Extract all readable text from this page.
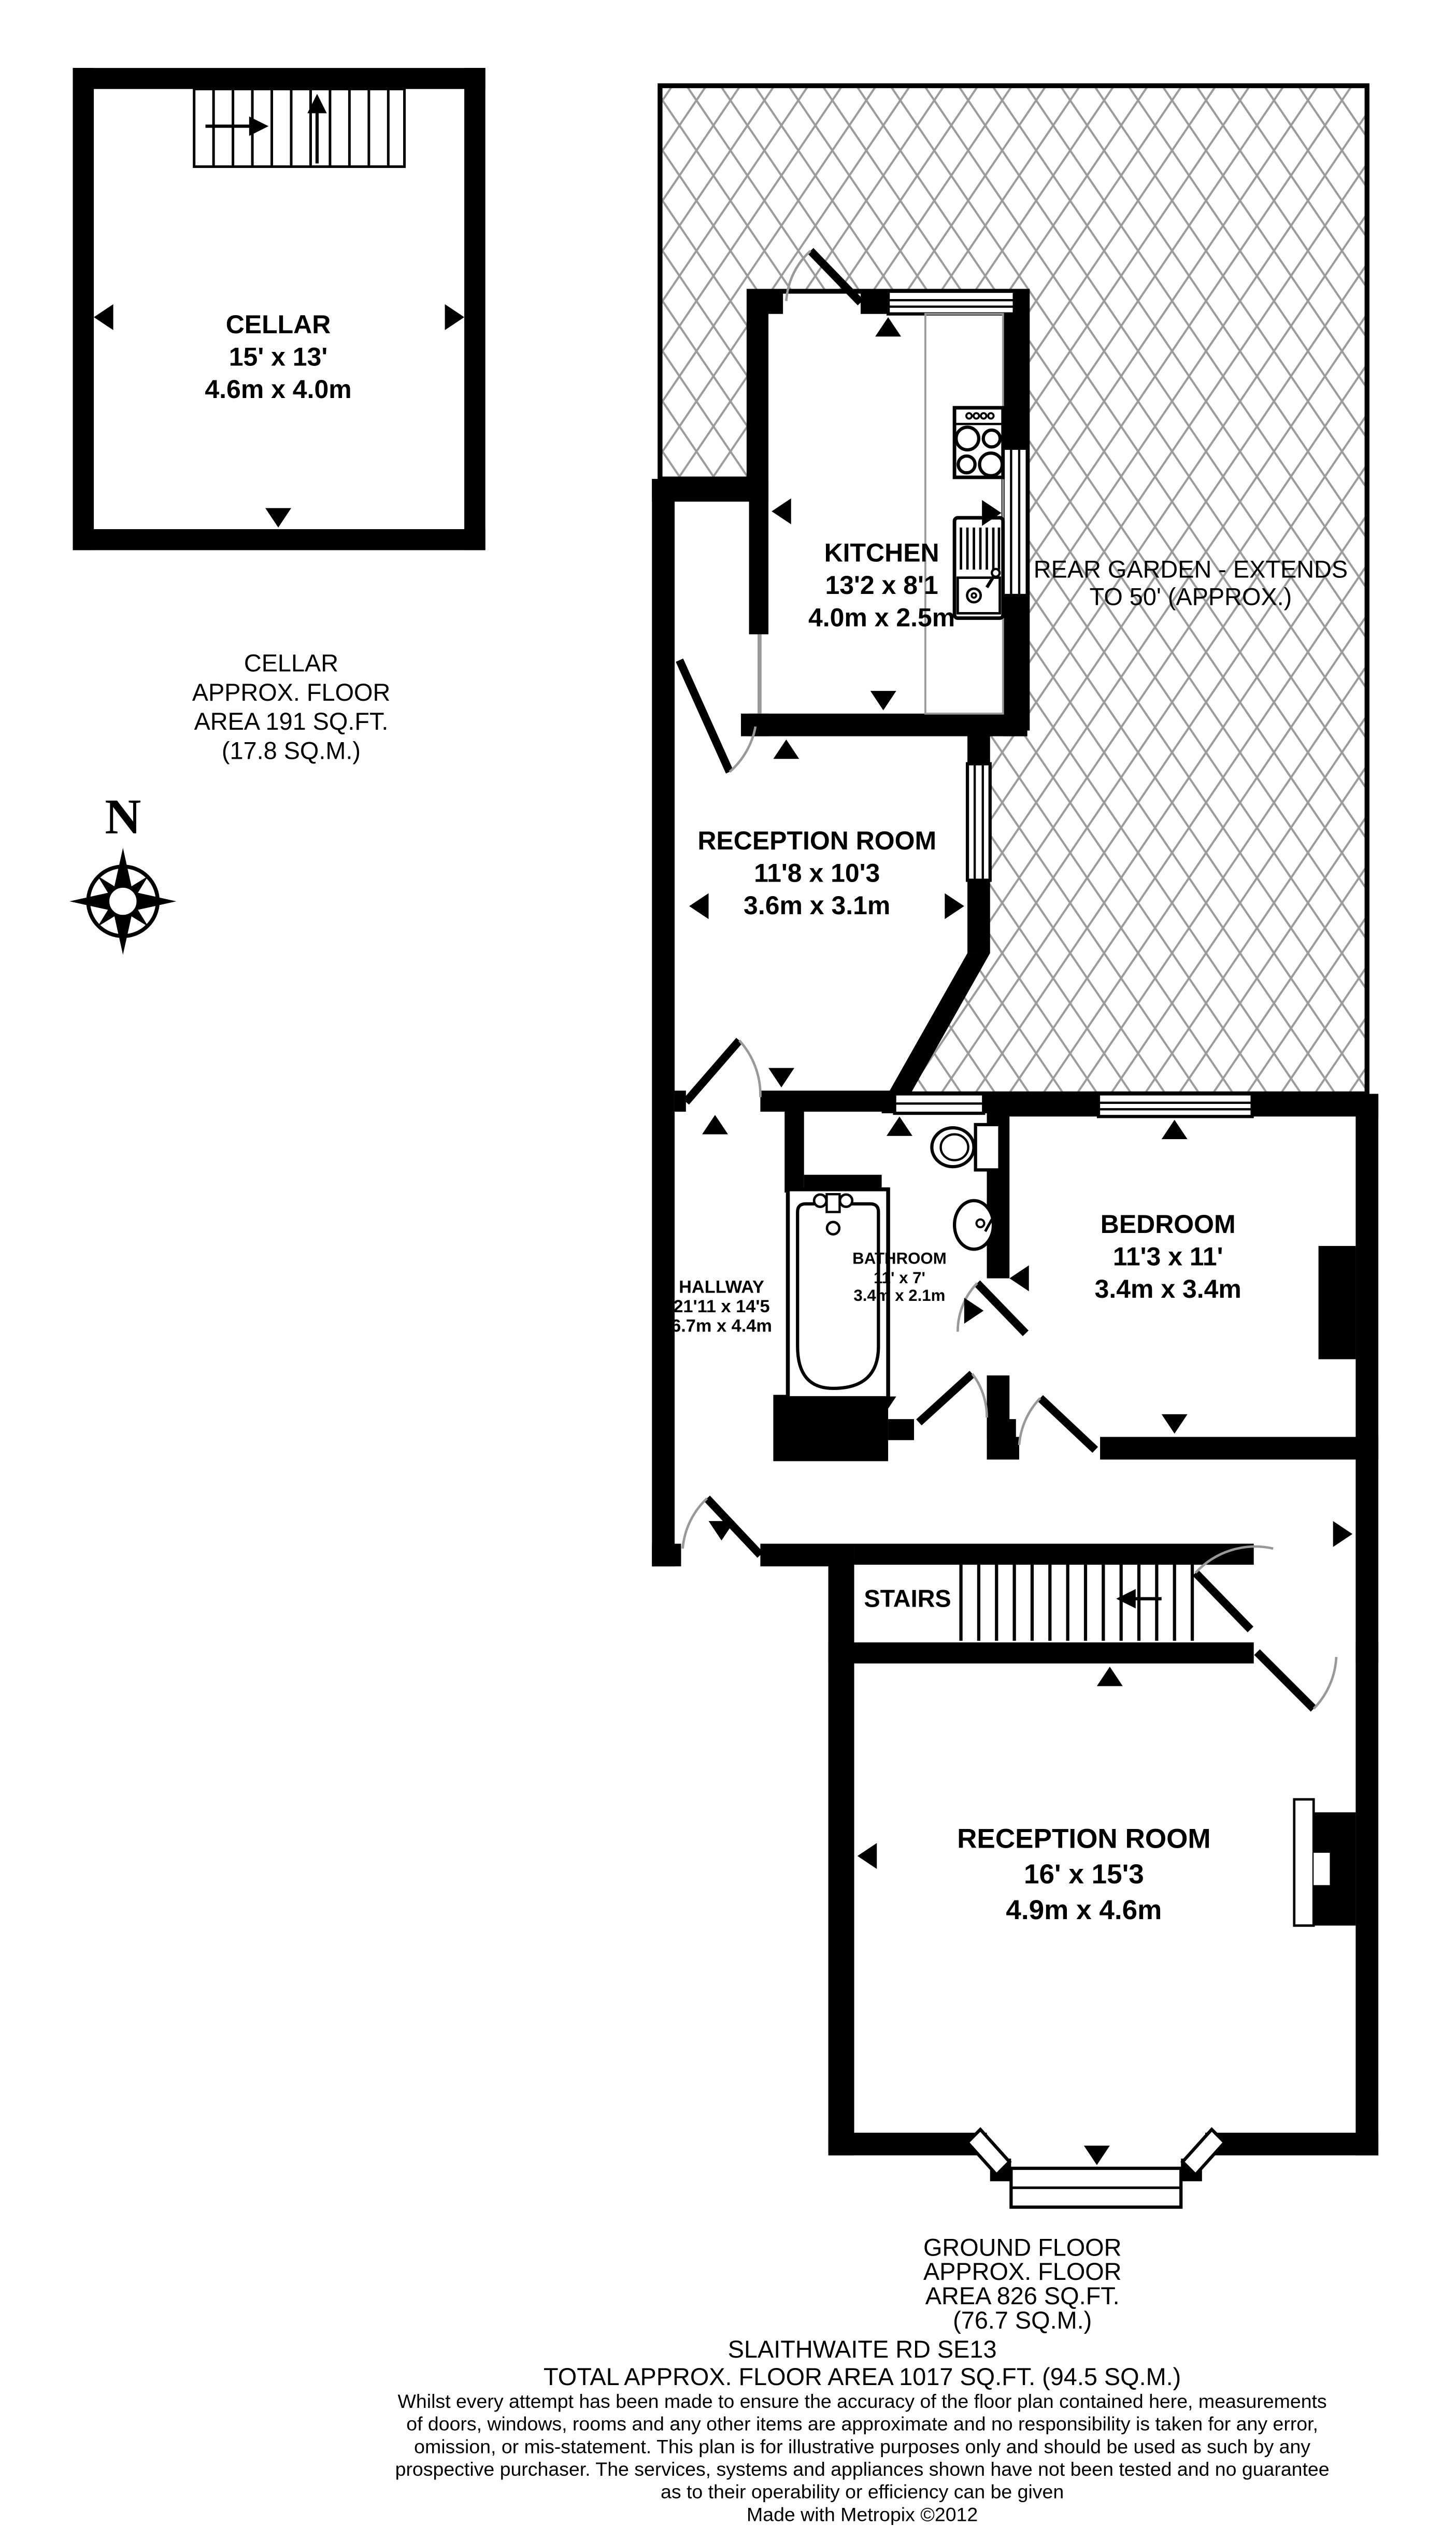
N
CELLAR
15' x 13'
4.6m x 4.0m
KITCHEN
13'2 x 8'1
4.0m x 2.5m
REAR GARDEN - EXTENDS
TO 50' (APPROX.)
RECEPTION ROOM
11'8 x 10'3
3.6m x 3.1m
BEDROOM
11'3 x 11'
3.4m x 3.4m
BATHROOM
11' x 7'
3.4m x 2.1m
HALLWAY
21'11 x 14'5
6.7m x 4.4m
STAIRS
RECEPTION ROOM
16' x 15'3
4.9m x 4.6m
CELLAR
APPROX. FLOOR
AREA 191 SQ.FT.
(17.8 SQ.M.)
GROUND FLOOR
APPROX. FLOOR
AREA 826 SQ.FT.
(76.7 SQ.M.)
SLAITHWAITE RD SE13
TOTAL APPROX. FLOOR AREA 1017 SQ.FT. (94.5 SQ.M.)
Whilst every attempt has been made to ensure the accuracy of the floor plan contained here, measurements
of doors, windows, rooms and any other items are approximate and no responsibility is taken for any error,
omission, or mis-statement. This plan is for illustrative purposes only and should be used as such by any
prospective purchaser. The services, systems and appliances shown have not been tested and no guarantee
as to their operability or efficiency can be given
Made with Metropix ©2012
